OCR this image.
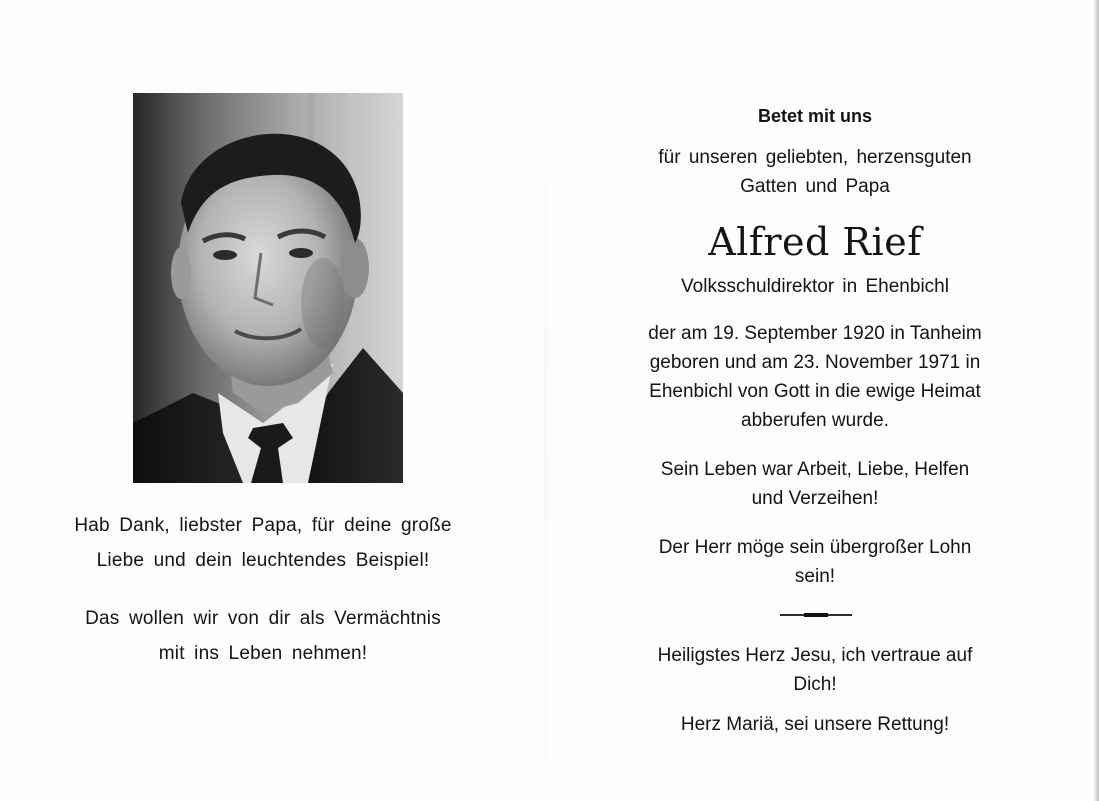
Hab Dank, liebster Papa, für deine große

Liebe und dein leuchtendes Beispiel!

Das wollen wir von dir als Vermächtnis

mit ins Leben nehmen!

Betet mit uns

für unseren geliebten, herzensguten

Gatten und Papa

Alfred Rief
Volksschuldirektor in Ehenbichl

der am 19. September 1920 in Tanheim

geboren und am 23. November 1971 in

Ehenbichl von Gott in die ewige Heimat

abberufen wurde.

Sein Leben war Arbeit, Liebe, Helfen

und Verzeihen!

Der Herr möge sein übergroßer Lohn

sein!

Heiligstes Herz Jesu, ich vertraue auf

Dich!

Herz Mariä, sei unsere Rettung!
